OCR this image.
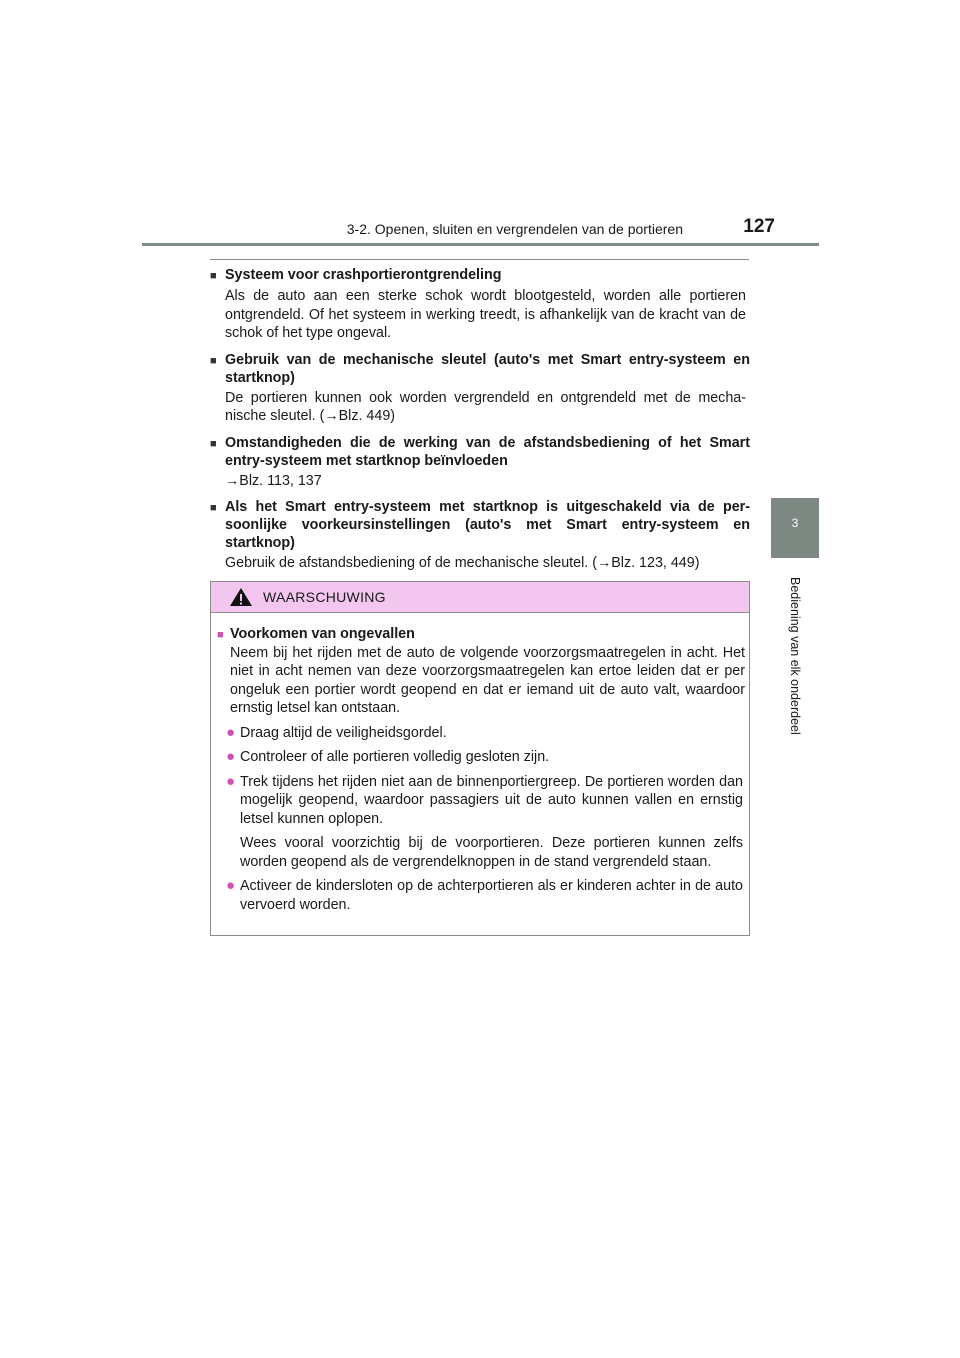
3-2. Openen, sluiten en vergrendelen van de portieren	127
3
Bediening van elk onderdeel
■ Systeem voor crashportierontgrendeling
Als de auto aan een sterke schok wordt blootgesteld, worden alle portieren ontgrendeld. Of het systeem in werking treedt, is afhankelijk van de kracht van de schok of het type ongeval.
■ Gebruik van de mechanische sleutel (auto's met Smart entry-systeem en startknop)
De portieren kunnen ook worden vergrendeld en ontgrendeld met de mecha-nische sleutel. (→Blz. 449)
■ Omstandigheden die de werking van de afstandsbediening of het Smart entry-systeem met startknop beïnvloeden
→Blz. 113, 137
■ Als het Smart entry-systeem met startknop is uitgeschakeld via de per-soonlijke voorkeursinstellingen (auto's met Smart entry-systeem en startknop)
Gebruik de afstandsbediening of de mechanische sleutel. (→Blz. 123, 449)
WAARSCHUWING
■ Voorkomen van ongevallen
Neem bij het rijden met de auto de volgende voorzorgsmaatregelen in acht. Het niet in acht nemen van deze voorzorgsmaatregelen kan ertoe leiden dat er per ongeluk een portier wordt geopend en dat er iemand uit de auto valt, waardoor ernstig letsel kan ontstaan.
● Draag altijd de veiligheidsgordel.
● Controleer of alle portieren volledig gesloten zijn.
● Trek tijdens het rijden niet aan de binnenportiergreep. De portieren worden dan mogelijk geopend, waardoor passagiers uit de auto kunnen vallen en ernstig letsel kunnen oplopen.
Wees vooral voorzichtig bij de voorportieren. Deze portieren kunnen zelfs worden geopend als de vergrendelknoppen in de stand vergrendeld staan.
● Activeer de kindersloten op de achterportieren als er kinderen achter in de auto vervoerd worden.
